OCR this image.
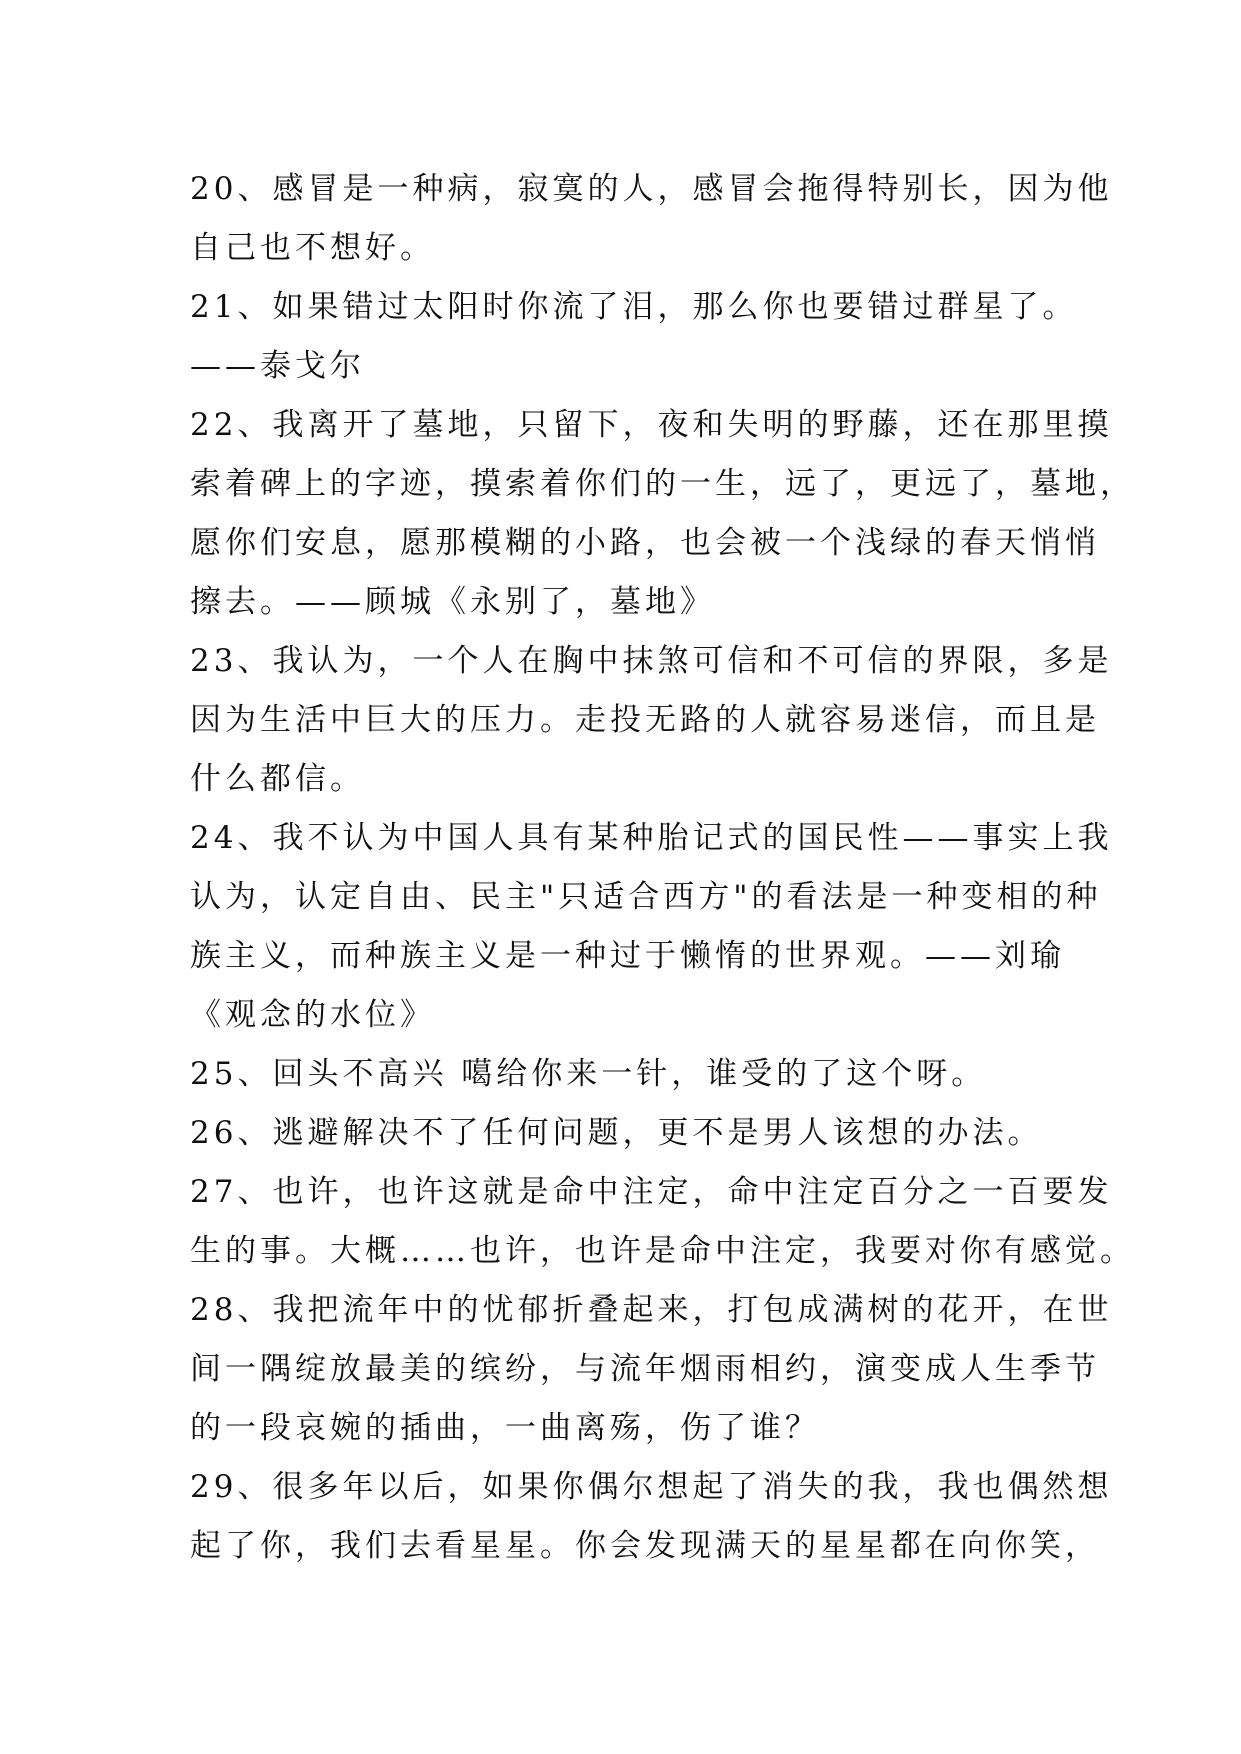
20、感冒是一种病，寂寞的人，感冒会拖得特别长，因为他
自己也不想好。
21、如果错过太阳时你流了泪，那么你也要错过群星了。
——泰戈尔
22、我离开了墓地，只留下，夜和失明的野藤，还在那里摸
索着碑上的字迹，摸索着你们的一生，远了，更远了，墓地，
愿你们安息，愿那模糊的小路，也会被一个浅绿的春天悄悄
擦去。——顾城《永别了，墓地》
23、我认为，一个人在胸中抹煞可信和不可信的界限，多是
因为生活中巨大的压力。走投无路的人就容易迷信，而且是
什么都信。
24、我不认为中国人具有某种胎记式的国民性——事实上我
认为，认定自由、民主"只适合西方"的看法是一种变相的种
族主义，而种族主义是一种过于懒惰的世界观。——刘瑜
《观念的水位》
25、回头不高兴 噶给你来一针，谁受的了这个呀。
26、逃避解决不了任何问题，更不是男人该想的办法。
27、也许，也许这就是命中注定，命中注定百分之一百要发
生的事。大概……也许，也许是命中注定，我要对你有感觉。
28、我把流年中的忧郁折叠起来，打包成满树的花开，在世
间一隅绽放最美的缤纷，与流年烟雨相约，演变成人生季节
的一段哀婉的插曲，一曲离殇，伤了谁？
29、很多年以后，如果你偶尔想起了消失的我，我也偶然想
起了你，我们去看星星。你会发现满天的星星都在向你笑，
